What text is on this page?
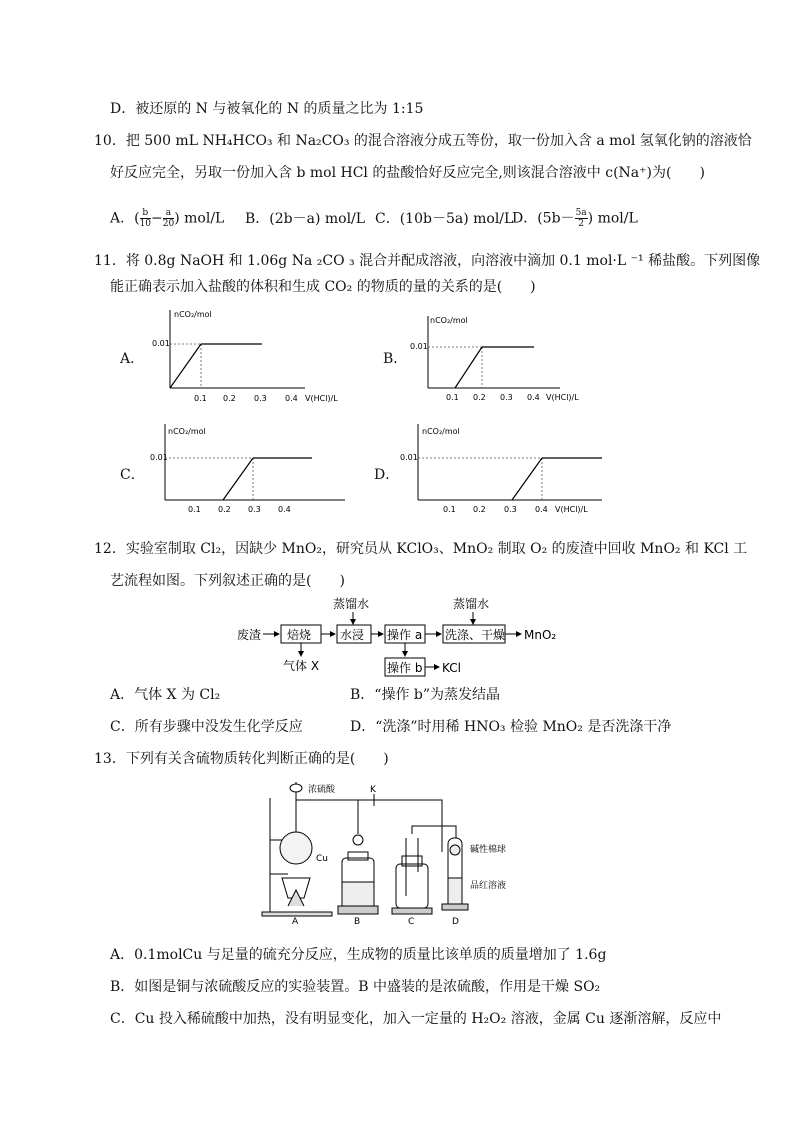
D．被还原的 N 与被氧化的 N 的质量之比为 1:15
10．把 500 mL NH₄HCO₃ 和 Na₂CO₃ 的混合溶液分成五等份，取一份加入含 a mol 氢氧化钠的溶液恰
好反应完全，另取一份加入含 b mol HCl 的盐酸恰好反应完全,则该混合溶液中 c(Na⁺)为(　　)
A．( $\frac{b}{10} - \frac{a}{20}$ ) mol/L B．(2b－a) mol/L C．(10b－5a) mol/L
D．($5b- \frac{5a}{2}$ ) mol/L
11．将 0.8g NaOH 和 1.06g Na ₂CO ₃ 混合并配成溶液，向溶液中滴加 0.1 mol·L ⁻¹ 稀盐酸。下列图像
能正确表示加入盐酸的体积和生成 CO₂ 的物质的量的关系的是(　　)
A．
nCO₂/mol
0.01
0.1 0.2 0.3 0.4 V(HCl)/L
B．
nCO₂/mol
0.01
0.1 0.2 0.3 0.4 V(HCl)/L
C．
nCO₂/mol
0.01
0.1 0.2 0.3 0.4
D．
nCO₂/mol
0.01
0.1 0.2 0.3 0.4 V(HCl)/L
12．实验室制取 Cl₂，因缺少 MnO₂，研究员从 KClO₃、MnO₂ 制取 O₂ 的废渣中回收 MnO₂ 和 KCl 工
艺流程如图。下列叙述正确的是(　　)
废渣 焙烧
气体 X
蒸馏水
水浸 操作 a
操作 b KCl
蒸馏水
洗涤、干燥 MnO₂
A．气体 X 为 Cl₂	B．“操作 b”为蒸发结晶
C．所有步骤中没发生化学反应	D．“洗涤”时用稀 HNO₃ 检验 MnO₂ 是否洗涤干净
13．下列有关含硫物质转化判断正确的是(　　)
浓硫酸
Cu
K
B	C
A	D
碱性棉球
品红溶液
A．0.1molCu 与足量的硫充分反应，生成物的质量比该单质的质量增加了 1.6g
B．如图是铜与浓硫酸反应的实验装置。B 中盛装的是浓硫酸，作用是干燥 SO₂
C．Cu 投入稀硫酸中加热，没有明显变化，加入一定量的 H₂O₂ 溶液，金属 Cu 逐渐溶解，反应中
